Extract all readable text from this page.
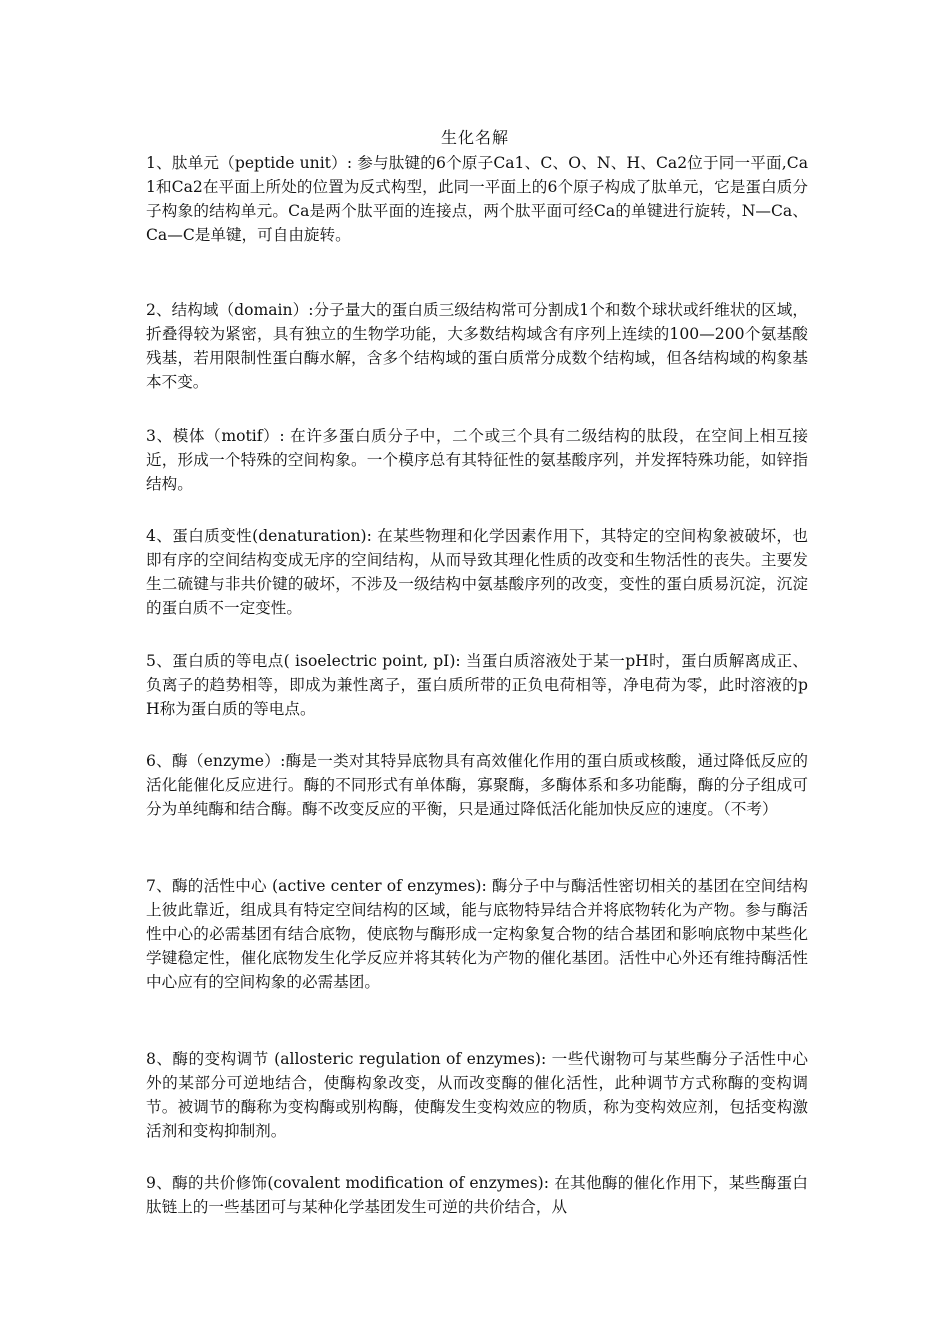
生化名解

1、肽单元（peptide unit）: 参与肽键的6个原子Ca1、C、O、N、H、Ca2位于同一平面,Ca1和Ca2在平面上所处的位置为反式构型，此同一平面上的6个原子构成了肽单元，它是蛋白质分子构象的结构单元。Ca是两个肽平面的连接点，两个肽平面可经Ca的单键进行旋转，N—Ca、Ca—C是单键，可自由旋转。

2、结构域（domain）:分子量大的蛋白质三级结构常可分割成1个和数个球状或纤维状的区域，折叠得较为紧密，具有独立的生物学功能，大多数结构域含有序列上连续的100—200个氨基酸残基，若用限制性蛋白酶水解，含多个结构域的蛋白质常分成数个结构域，但各结构域的构象基本不变。

3、模体（motif）: 在许多蛋白质分子中，二个或三个具有二级结构的肽段，在空间上相互接近，形成一个特殊的空间构象。一个模序总有其特征性的氨基酸序列，并发挥特殊功能，如锌指结构。

4、蛋白质变性(denaturation): 在某些物理和化学因素作用下，其特定的空间构象被破坏，也即有序的空间结构变成无序的空间结构，从而导致其理化性质的改变和生物活性的丧失。主要发生二硫键与非共价键的破坏，不涉及一级结构中氨基酸序列的改变，变性的蛋白质易沉淀，沉淀的蛋白质不一定变性。

5、蛋白质的等电点( isoelectric point, pI): 当蛋白质溶液处于某一pH时，蛋白质解离成正、负离子的趋势相等，即成为兼性离子，蛋白质所带的正负电荷相等，净电荷为零，此时溶液的pH称为蛋白质的等电点。

6、酶（enzyme）:酶是一类对其特异底物具有高效催化作用的蛋白质或核酸，通过降低反应的活化能催化反应进行。酶的不同形式有单体酶，寡聚酶，多酶体系和多功能酶，酶的分子组成可分为单纯酶和结合酶。酶不改变反应的平衡，只是通过降低活化能加快反应的速度。（不考）

7、酶的活性中心 (active center of enzymes): 酶分子中与酶活性密切相关的基团在空间结构上彼此靠近，组成具有特定空间结构的区域，能与底物特异结合并将底物转化为产物。参与酶活性中心的必需基团有结合底物，使底物与酶形成一定构象复合物的结合基团和影响底物中某些化学键稳定性，催化底物发生化学反应并将其转化为产物的催化基团。活性中心外还有维持酶活性中心应有的空间构象的必需基团。

8、酶的变构调节 (allosteric regulation of enzymes): 一些代谢物可与某些酶分子活性中心外的某部分可逆地结合，使酶构象改变，从而改变酶的催化活性，此种调节方式称酶的变构调节。被调节的酶称为变构酶或别构酶，使酶发生变构效应的物质，称为变构效应剂，包括变构激活剂和变构抑制剂。

9、酶的共价修饰(covalent modification of enzymes): 在其他酶的催化作用下，某些酶蛋白肽链上的一些基团可与某种化学基团发生可逆的共价结合，从
